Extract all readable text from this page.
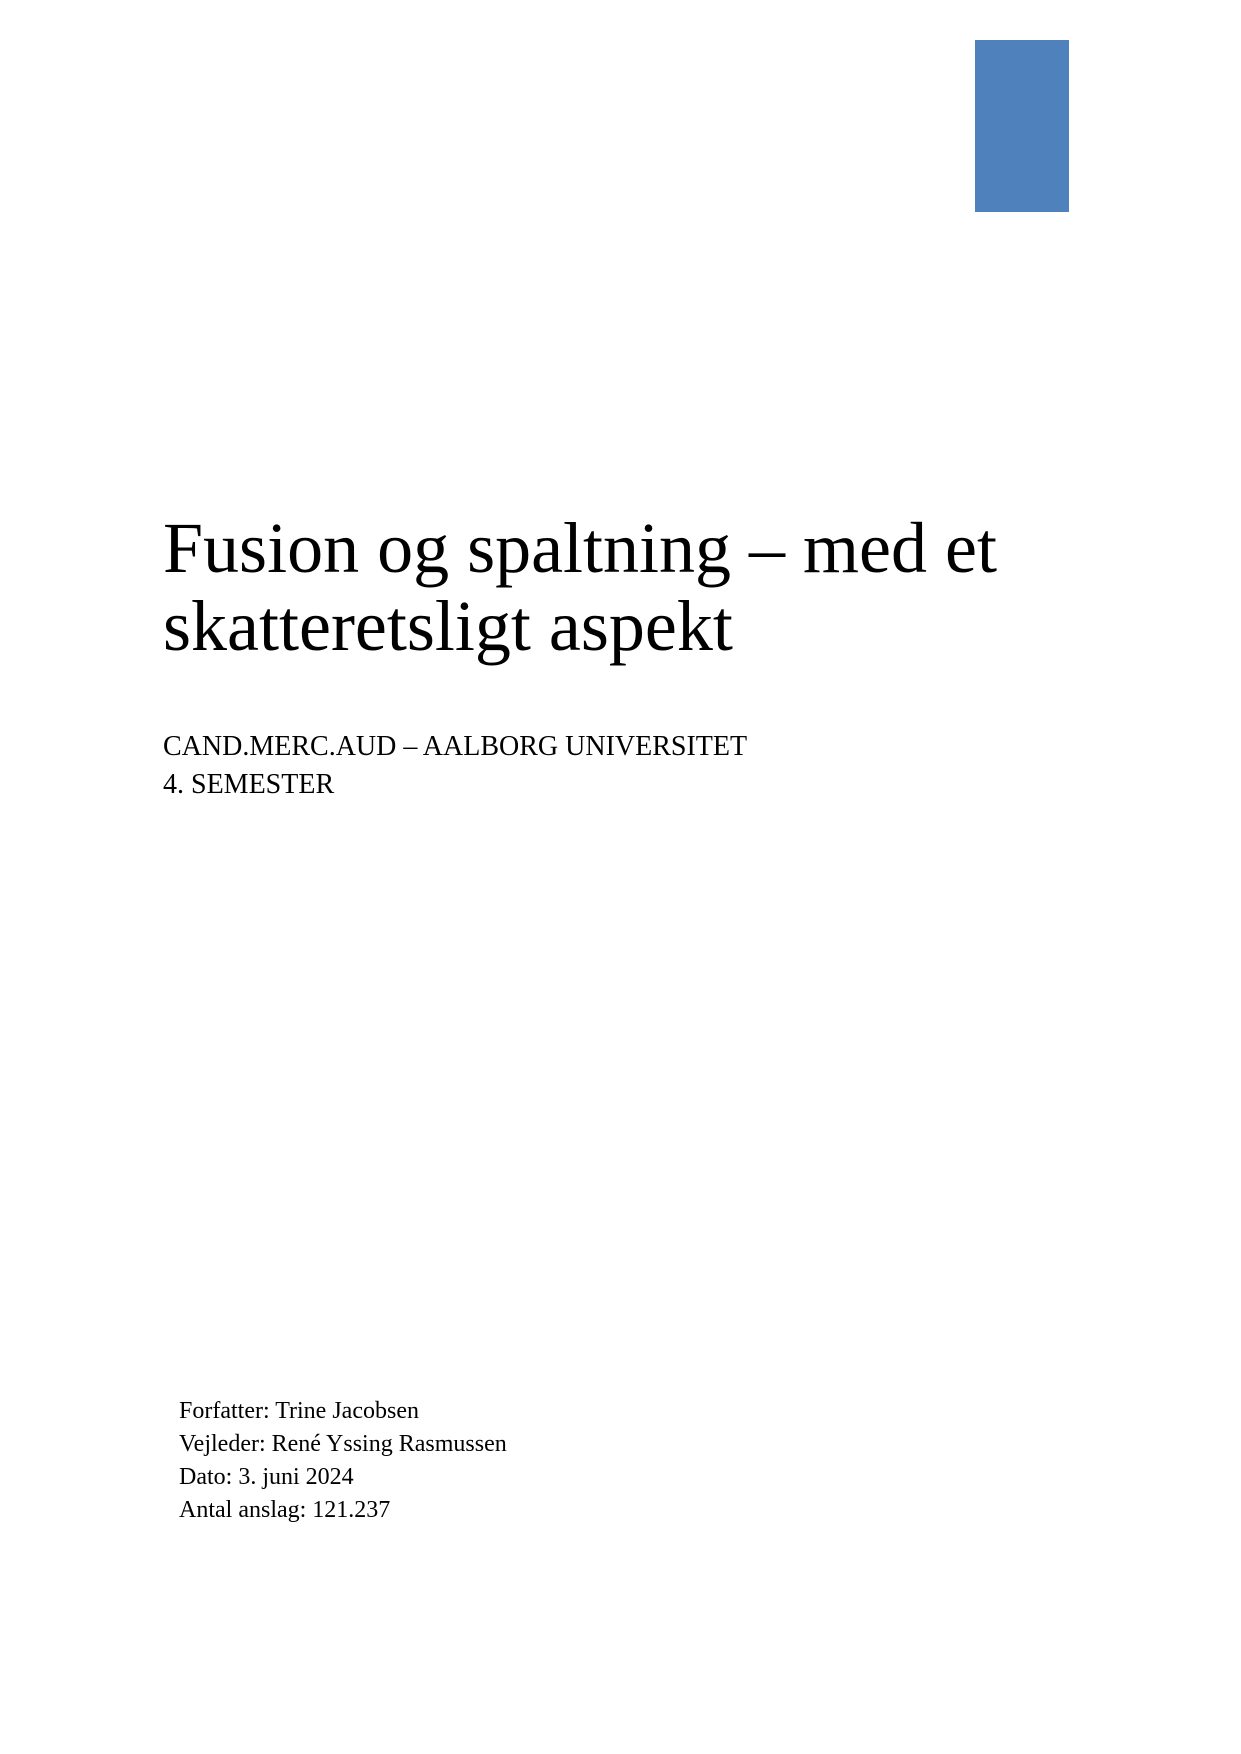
Fusion og spaltning – med et
skatteretsligt aspekt
CAND.MERC.AUD – AALBORG UNIVERSITET
4. SEMESTER
Forfatter: Trine Jacobsen
Vejleder: René Yssing Rasmussen
Dato: 3. juni 2024
Antal anslag: 121.237
